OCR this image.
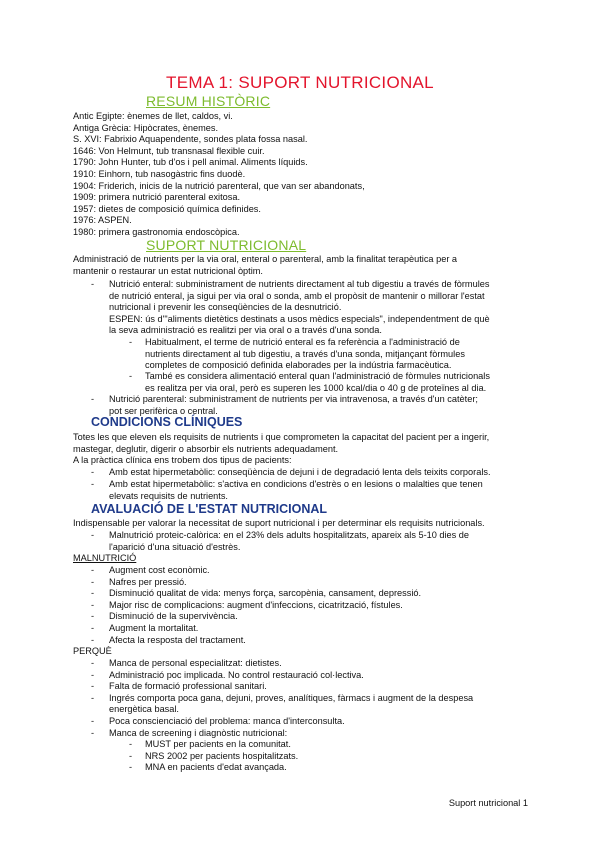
TEMA 1: SUPORT NUTRICIONAL
RESUM HISTÒRIC
Antic Egipte: ènemes de llet, caldos, vi.
Antiga Grècia: Hipòcrates, ènemes.
S. XVI: Fabrixio Aquapendente, sondes plata fossa nasal.
1646: Von Helmunt, tub transnasal flexible cuir.
1790: John Hunter, tub d'os i pell animal. Aliments líquids.
1910: Einhorn, tub nasogàstric fins duodè.
1904: Friderich, inicis de la nutrició parenteral, que van ser abandonats,
1909: primera nutrició parenteral exitosa.
1957: dietes de composició química definides.
1976: ASPEN.
1980: primera gastronomia endoscòpica.
SUPORT NUTRICIONAL
Administració de nutrients per la via oral, enteral o parenteral, amb la finalitat terapèutica per a
mantenir o restaurar un estat nutricional òptim.
- Nutrició enteral: subministrament de nutrients directament al tub digestiu a través de fòrmules
de nutrició enteral, ja sigui per via oral o sonda, amb el propòsit de mantenir o millorar l'estat
nutricional i prevenir les conseqüències de la desnutrició.
ESPEN: ús d'"aliments dietètics destinats a usos mèdics especials", independentment de què
la seva administració es realitzi per via oral o a través d'una sonda.
- Habitualment, el terme de nutrició enteral es fa referència a l'administració de
nutrients directament al tub digestiu, a través d'una sonda, mitjançant fòrmules
completes de composició definida elaborades per la indústria farmacèutica.
- També es considera alimentació enteral quan l'administració de fòrmules nutricionals
es realitza per via oral, però es superen les 1000 kcal/dia o 40 g de proteïnes al dia.
- Nutrició parenteral: subministrament de nutrients per via intravenosa, a través d'un catèter;
pot ser perifèrica o central.
CONDICIONS CLÍNIQUES
Totes les que eleven els requisits de nutrients i que comprometen la capacitat del pacient per a ingerir,
mastegar, deglutir, digerir o absorbir els nutrients adequadament.
A la pràctica clínica ens trobem dos tipus de pacients:
- Amb estat hipermetabòlic: conseqüència de dejuni i de degradació lenta dels teixits corporals.
- Amb estat hipermetabòlic: s'activa en condicions d'estrès o en lesions o malalties que tenen
elevats requisits de nutrients.
AVALUACIÓ DE L'ESTAT NUTRICIONAL
Indispensable per valorar la necessitat de suport nutricional i per determinar els requisits nutricionals.
- Malnutrició proteic-calòrica: en el 23% dels adults hospitalitzats, apareix als 5-10 dies de
l'aparició d'una situació d'estrès.
MALNUTRICIÓ
-
-
-
-
-
-
-
Augment cost econòmic.
Nafres per pressió.
Disminució qualitat de vida: menys força, sarcopènia, cansament, depressió.
Major risc de complicacions: augment d'infeccions, cicatrització, fístules.
Disminució de la supervivència.
Augment la mortalitat.
Afecta la resposta del tractament.
PERQUÈ
-
-
-
-

-
-
Manca de personal especialitzat: dietistes.
Administració poc implicada. No control restauració col·lectiva.
Falta de formació professional sanitari.
Ingrés comporta poca gana, dejuni, proves, analítiques, fàrmacs i augment de la despesa
energètica basal.
Poca conscienciació del problema: manca d'interconsulta.
Manca de screening i diagnòstic nutricional:
-
-
-
MUST per pacients en la comunitat.
NRS 2002 per pacients hospitalitzats.
MNA en pacients d'edat avançada.
Suport nutricional 1
